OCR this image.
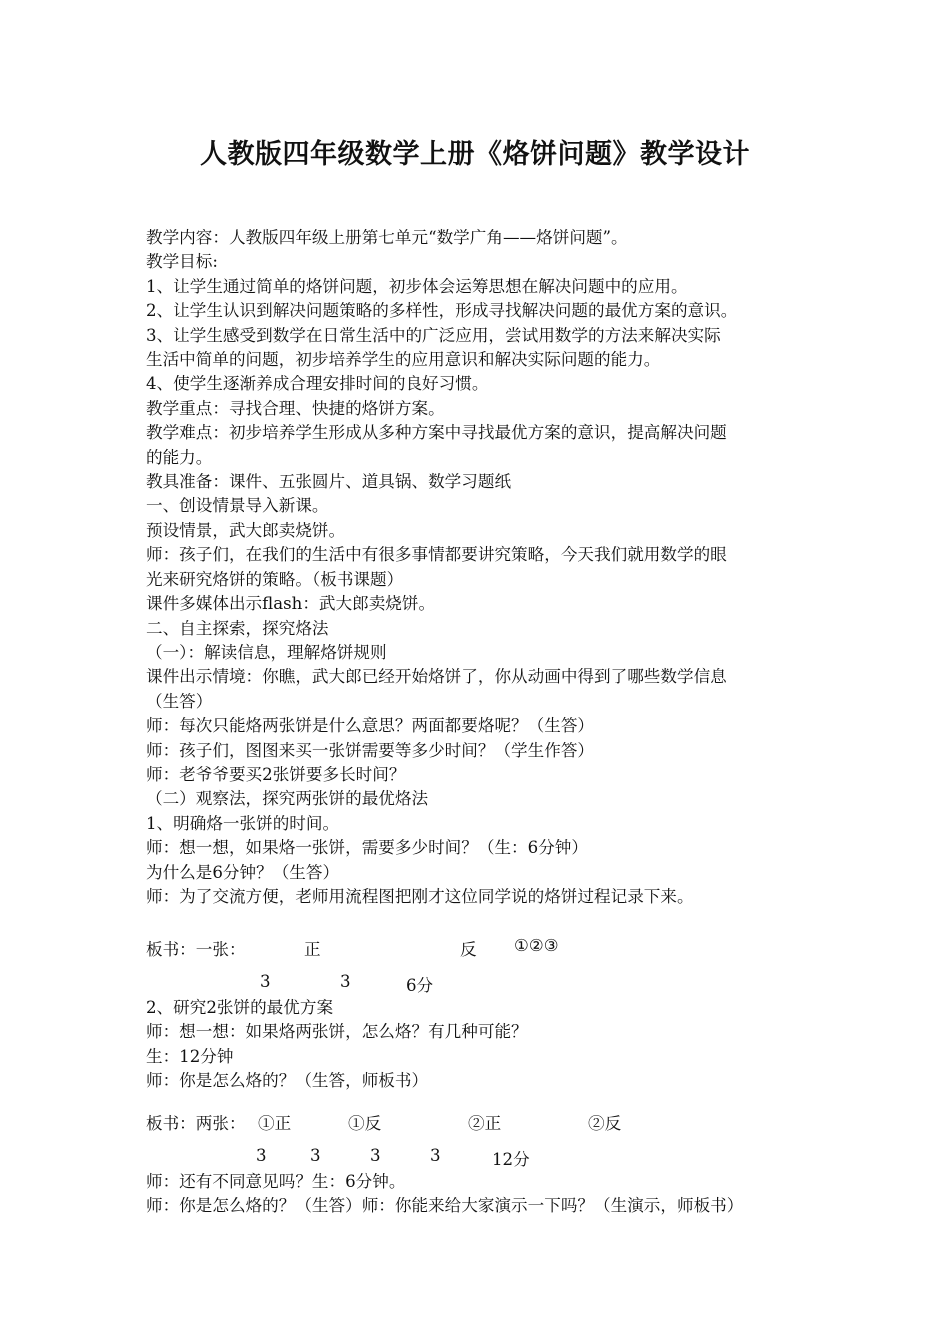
人教版四年级数学上册《烙饼问题》教学设计

教学内容：人教版四年级上册第七单元“数学广角——烙饼问题”。

教学目标:

1、让学生通过简单的烙饼问题，初步体会运筹思想在解决问题中的应用。

2、让学生认识到解决问题策略的多样性，形成寻找解决问题的最优方案的意识。

3、让学生感受到数学在日常生活中的广泛应用，尝试用数学的方法来解决实际

生活中简单的问题，初步培养学生的应用意识和解决实际问题的能力。

4、使学生逐渐养成合理安排时间的良好习惯。

教学重点：寻找合理、快捷的烙饼方案。

教学难点：初步培养学生形成从多种方案中寻找最优方案的意识，提高解决问题

的能力。

教具准备：课件、五张圆片、道具锅、数学习题纸

一、创设情景导入新课。

预设情景，武大郎卖烧饼。

师：孩子们，在我们的生活中有很多事情都要讲究策略，今天我们就用数学的眼

光来研究烙饼的策略。（板书课题）

课件多媒体出示flash：武大郎卖烧饼。

二、自主探索，探究烙法

（一）：解读信息，理解烙饼规则

课件出示情境：你瞧，武大郎已经开始烙饼了，你从动画中得到了哪些数学信息

（生答）

师：每次只能烙两张饼是什么意思？两面都要烙呢？（生答）

师：孩子们，图图来买一张饼需要等多少时间？（学生作答）

师：老爷爷要买2张饼要多长时间？

（二）观察法，探究两张饼的最优烙法

1、明确烙一张饼的时间。

师：想一想，如果烙一张饼，需要多少时间？（生：6分钟）

为什么是6分钟？（生答）

师：为了交流方便，老师用流程图把刚才这位同学说的烙饼过程记录下来。

板书：一张：	正	反 ①②③
3	3	6分

2、研究2张饼的最优方案

师：想一想：如果烙两张饼，怎么烙？有几种可能？

生：12分钟

师：你是怎么烙的？（生答，师板书）

板书：两张： ①正	①反	②正	②反
3	3	3	3	12分

师：还有不同意见吗？生：6分钟。

师：你是怎么烙的？（生答）师：你能来给大家演示一下吗？（生演示，师板书）
